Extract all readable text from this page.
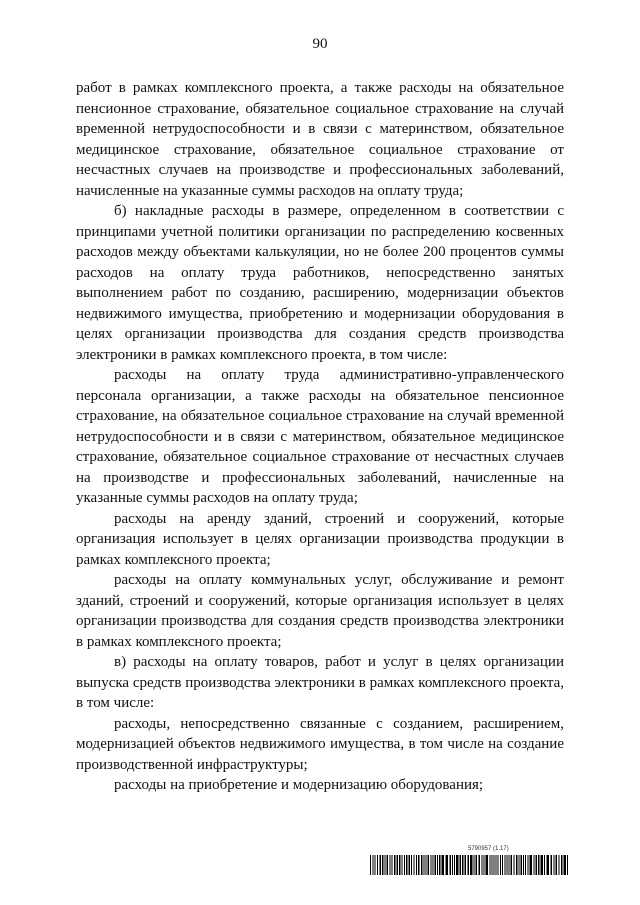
90

работ в рамках комплексного проекта, а также расходы на обязательное пенсионное страхование, обязательное социальное страхование на случай временной нетрудоспособности и в связи с материнством, обязательное медицинское страхование, обязательное социальное страхование от несчастных случаев на производстве и профессиональных заболеваний, начисленные на указанные суммы расходов на оплату труда;

б) накладные расходы в размере, определенном в соответствии с принципами учетной политики организации по распределению косвенных расходов между объектами калькуляции, но не более 200 процентов суммы расходов на оплату труда работников, непосредственно занятых выполнением работ по созданию, расширению, модернизации объектов недвижимого имущества, приобретению и модернизации оборудования в целях организации производства для создания средств производства электроники в рамках комплексного проекта, в том числе:

расходы на оплату труда административно-управленческого персонала организации, а также расходы на обязательное пенсионное страхование, на обязательное социальное страхование на случай временной нетрудоспособности и в связи с материнством, обязательное медицинское страхование, обязательное социальное страхование от несчастных случаев на производстве и профессиональных заболеваний, начисленные на указанные суммы расходов на оплату труда;

расходы на аренду зданий, строений и сооружений, которые организация использует в целях организации производства продукции в рамках комплексного проекта;

расходы на оплату коммунальных услуг, обслуживание и ремонт зданий, строений и сооружений, которые организация использует в целях организации производства для создания средств производства электроники в рамках комплексного проекта;

в) расходы на оплату товаров, работ и услуг в целях организации выпуска средств производства электроники в рамках комплексного проекта, в том числе:

расходы, непосредственно связанные с созданием, расширением, модернизацией объектов недвижимого имущества, в том числе на создание производственной инфраструктуры;

расходы на приобретение и модернизацию оборудования;

5790957 (1.17)
